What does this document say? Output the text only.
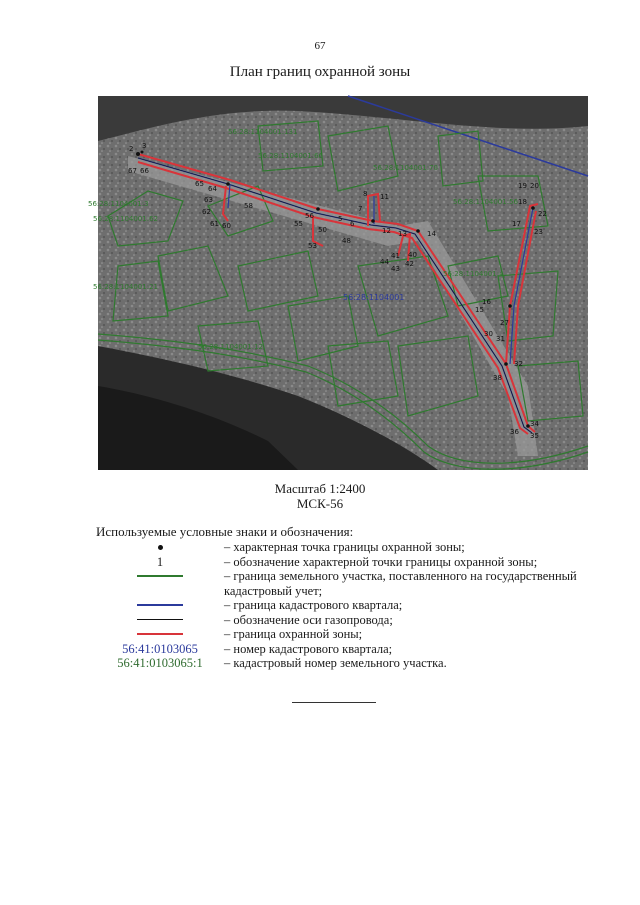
67
План границ охранной зоны
56:28:1104001:131
56:28:1104001:66
56:28:1104001:70
56:28:1104001:3
56:28:1104001:62
56:28:1104001:56
56:28:1104001:4
56:28:1104001:21
56:28:1104001:12
56:28:1104001
2 3
67 66
65
64
63
62
61 60
58
55
56
53
50
5
6
48
7
8 11
12 13	14
40
41
42
43
44
19 20
18
22
17
23
16
15
27
31
30
32
38
36
34
35
Масштаб 1:2400
МСК-56
Используемые условные знаки и обозначения:
– характерная точка границы охранной зоны;
1	– обозначение характерной точки границы охранной зоны;
– граница земельного участка, поставленного на государственный кадастровый учет;
– граница кадастрового квартала;
– обозначение оси газопровода;
– граница охранной зоны;
56:41:0103065	– номер кадастрового квартала;
56:41:0103065:1	– кадастровый номер земельного участка.
